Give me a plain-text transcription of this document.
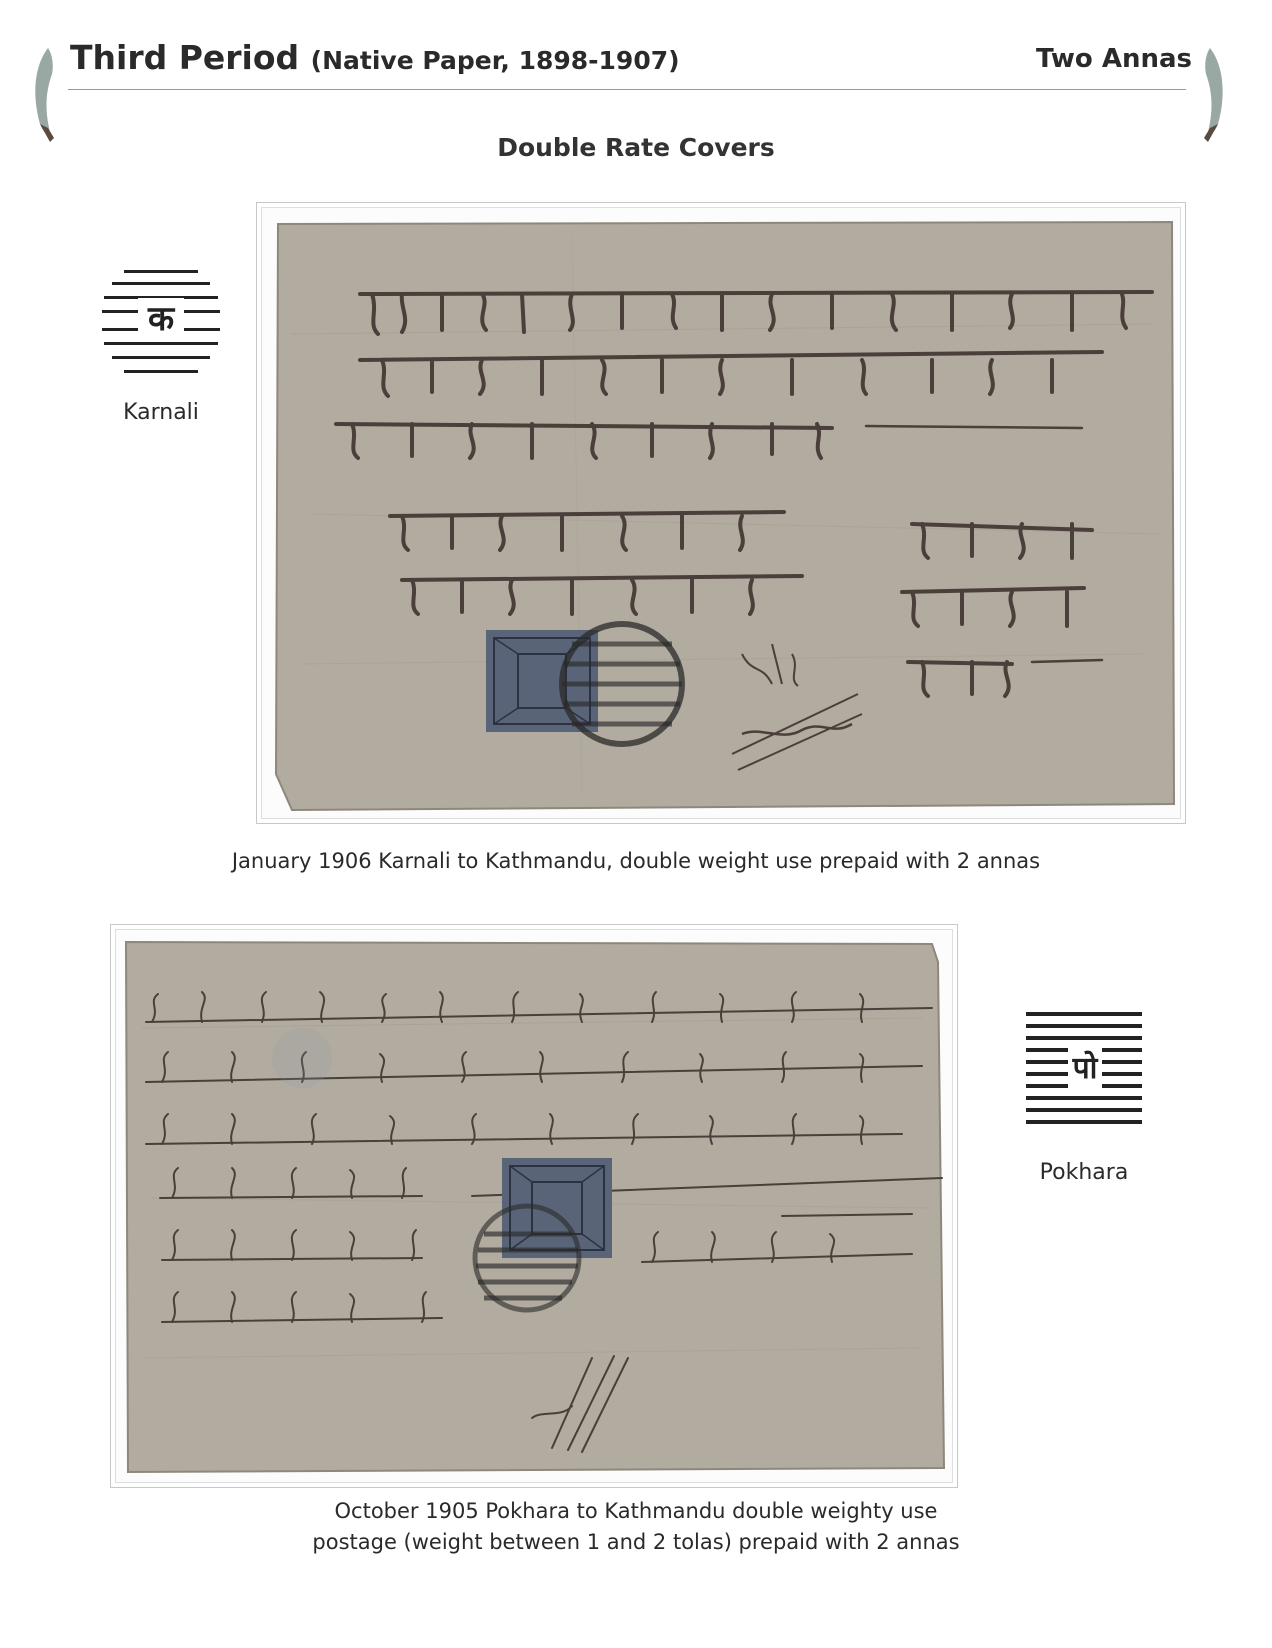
Third Period (Native Paper, 1898-1907)	Two Annas
Double Rate Covers
क
Karnali
पो
Pokhara
January 1906 Karnali to Kathmandu, double weight use prepaid with 2 annas
October 1905 Pokhara to Kathmandu double weighty use
postage (weight between 1 and 2 tolas) prepaid with 2 annas
